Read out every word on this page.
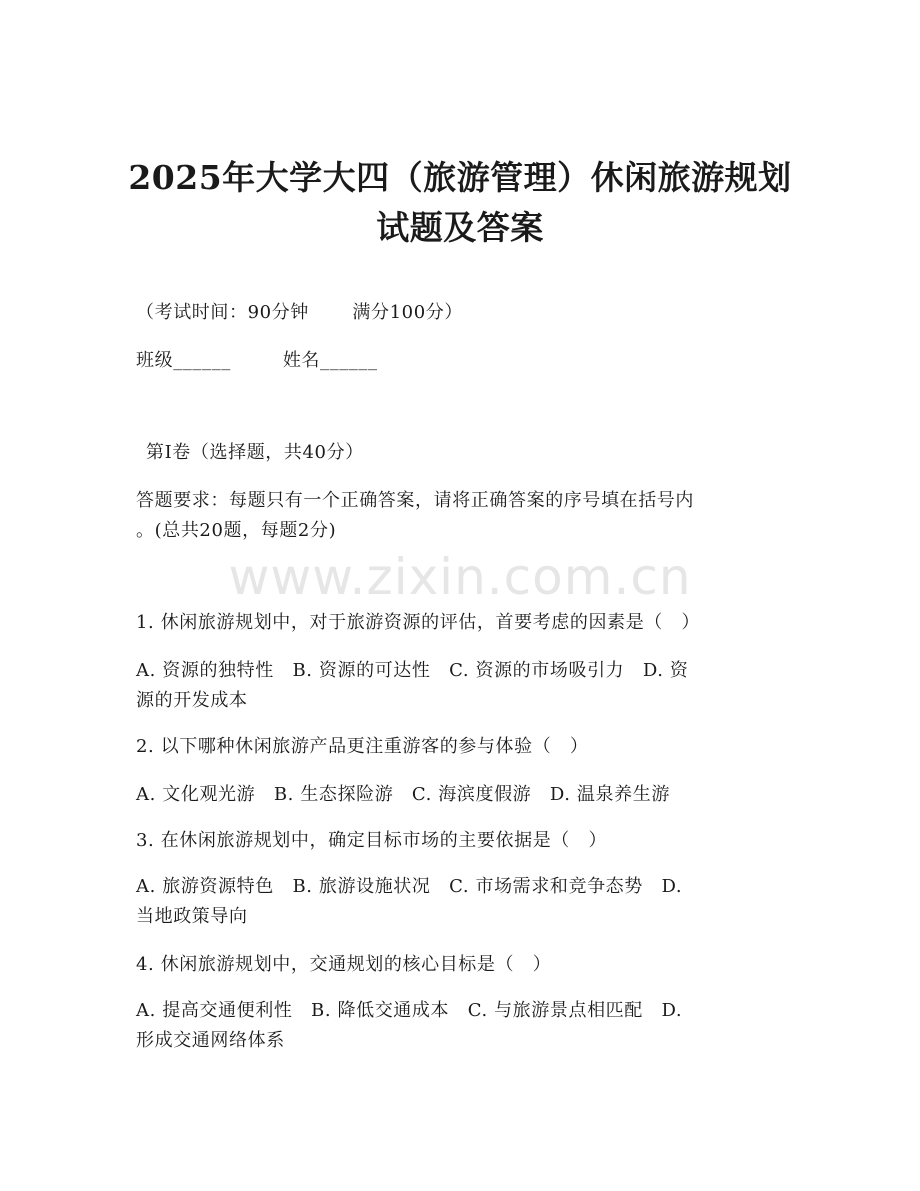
2025年大学大四（旅游管理）休闲旅游规划
试题及答案
（考试时间：90分钟 　　满分100分）
班级______	姓名______
第I卷（选择题，共40分）
答题要求：每题只有一个正确答案，请将正确答案的序号填在括号内
。(总共20题，每题2分)
www.zixin.com.cn
1. 休闲旅游规划中，对于旅游资源的评估，首要考虑的因素是（　）
A. 资源的独特性　B. 资源的可达性　C. 资源的市场吸引力　D. 资
源的开发成本
2. 以下哪种休闲旅游产品更注重游客的参与体验（　）
A. 文化观光游　B. 生态探险游　C. 海滨度假游　D. 温泉养生游
3. 在休闲旅游规划中，确定目标市场的主要依据是（　）
A. 旅游资源特色　B. 旅游设施状况　C. 市场需求和竞争态势　D.
当地政策导向
4. 休闲旅游规划中，交通规划的核心目标是（　）
A. 提高交通便利性　B. 降低交通成本　C. 与旅游景点相匹配　D.
形成交通网络体系
